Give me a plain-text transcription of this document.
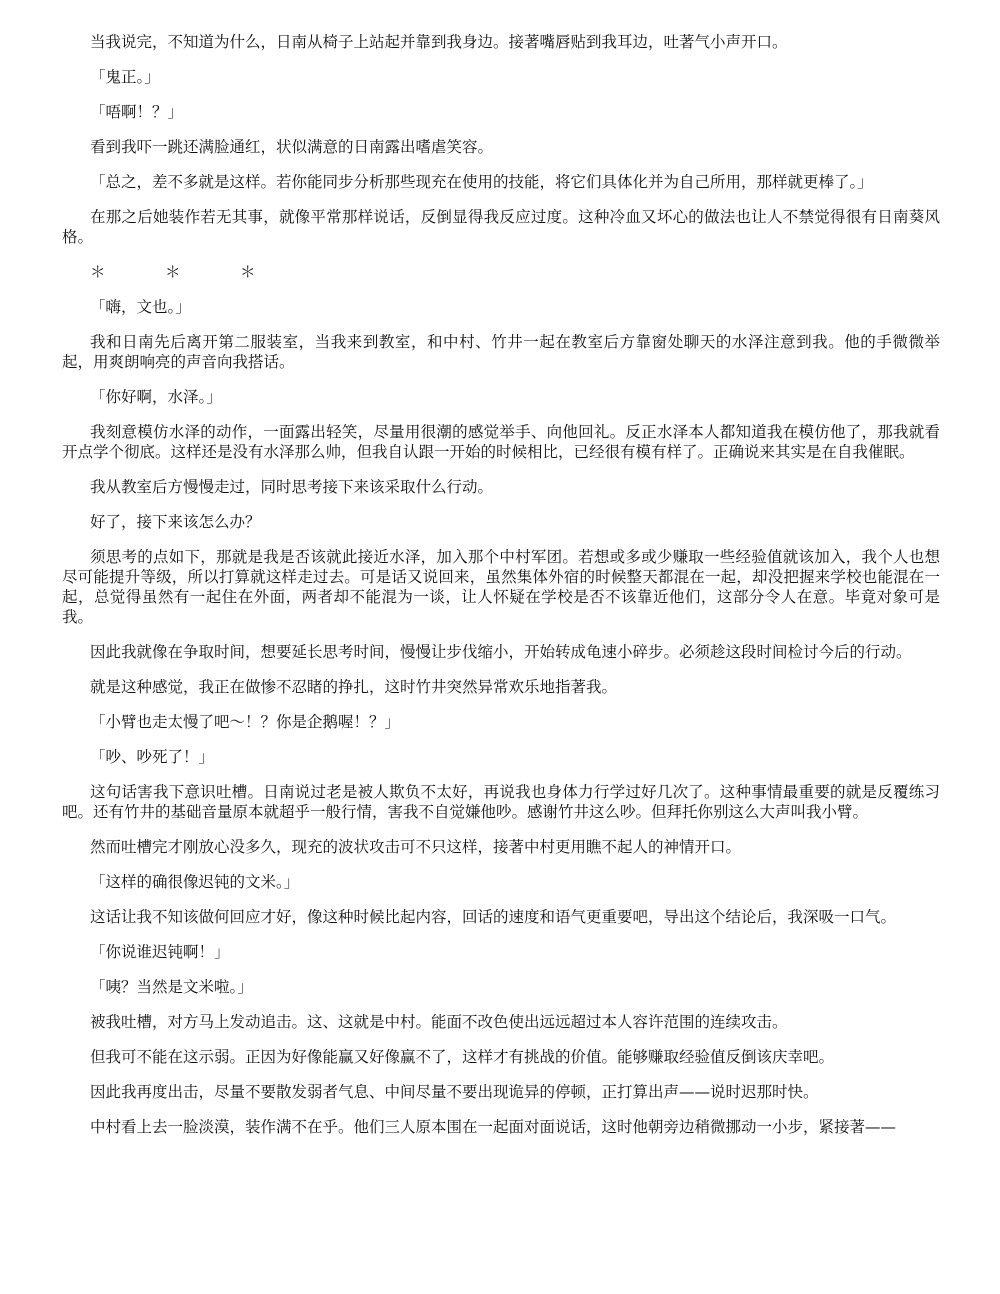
当我说完，不知道为什么，日南从椅子上站起并靠到我身边。接著嘴唇贴到我耳边，吐著气小声开口。

「鬼正。」

「唔啊！？」

看到我吓一跳还满脸通红，状似满意的日南露出嗜虐笑容。

「总之，差不多就是这样。若你能同步分析那些现充在使用的技能，将它们具体化并为自己所用，那样就更棒了。」

在那之后她装作若无其事，就像平常那样说话，反倒显得我反应过度。这种冷血又坏心的做法也让人不禁觉得很有日南葵风格。

＊　＊　＊

「嗨，文也。」

我和日南先后离开第二服装室，当我来到教室，和中村、竹井一起在教室后方靠窗处聊天的水泽注意到我。他的手微微举起，用爽朗响亮的声音向我搭话。

「你好啊，水泽。」

我刻意模仿水泽的动作，一面露出轻笑，尽量用很潮的感觉举手、向他回礼。反正水泽本人都知道我在模仿他了，那我就看开点学个彻底。这样还是没有水泽那么帅，但我自认跟一开始的时候相比，已经很有模有样了。正确说来其实是在自我催眠。

我从教室后方慢慢走过，同时思考接下来该采取什么行动。

好了，接下来该怎么办？

须思考的点如下，那就是我是否该就此接近水泽，加入那个中村军团。若想或多或少赚取一些经验值就该加入，我个人也想尽可能提升等级，所以打算就这样走过去。可是话又说回来，虽然集体外宿的时候整天都混在一起，却没把握来学校也能混在一起，总觉得虽然有一起住在外面，两者却不能混为一谈，让人怀疑在学校是否不该靠近他们，这部分令人在意。毕竟对象可是我。

因此我就像在争取时间，想要延长思考时间，慢慢让步伐缩小，开始转成龟速小碎步。必须趁这段时间检讨今后的行动。

就是这种感觉，我正在做惨不忍睹的挣扎，这时竹井突然异常欢乐地指著我。

「小臂也走太慢了吧～！？你是企鹅喔！？」

「吵、吵死了！」

这句话害我下意识吐槽。日南说过老是被人欺负不太好，再说我也身体力行学过好几次了。这种事情最重要的就是反覆练习吧。还有竹井的基础音量原本就超乎一般行情，害我不自觉嫌他吵。感谢竹井这么吵。但拜托你别这么大声叫我小臂。

然而吐槽完才刚放心没多久，现充的波状攻击可不只这样，接著中村更用瞧不起人的神情开口。

「这样的确很像迟钝的文米。」

这话让我不知该做何回应才好，像这种时候比起内容，回话的速度和语气更重要吧，导出这个结论后，我深吸一口气。

「你说谁迟钝啊！」

「咦？当然是文米啦。」

被我吐槽，对方马上发动追击。这、这就是中村。能面不改色使出远远超过本人容许范围的连续攻击。

但我可不能在这示弱。正因为好像能赢又好像赢不了，这样才有挑战的价值。能够赚取经验值反倒该庆幸吧。

因此我再度出击，尽量不要散发弱者气息、中间尽量不要出现诡异的停顿，正打算出声——说时迟那时快。

中村看上去一脸淡漠，装作满不在乎。他们三人原本围在一起面对面说话，这时他朝旁边稍微挪动一小步，紧接著——
